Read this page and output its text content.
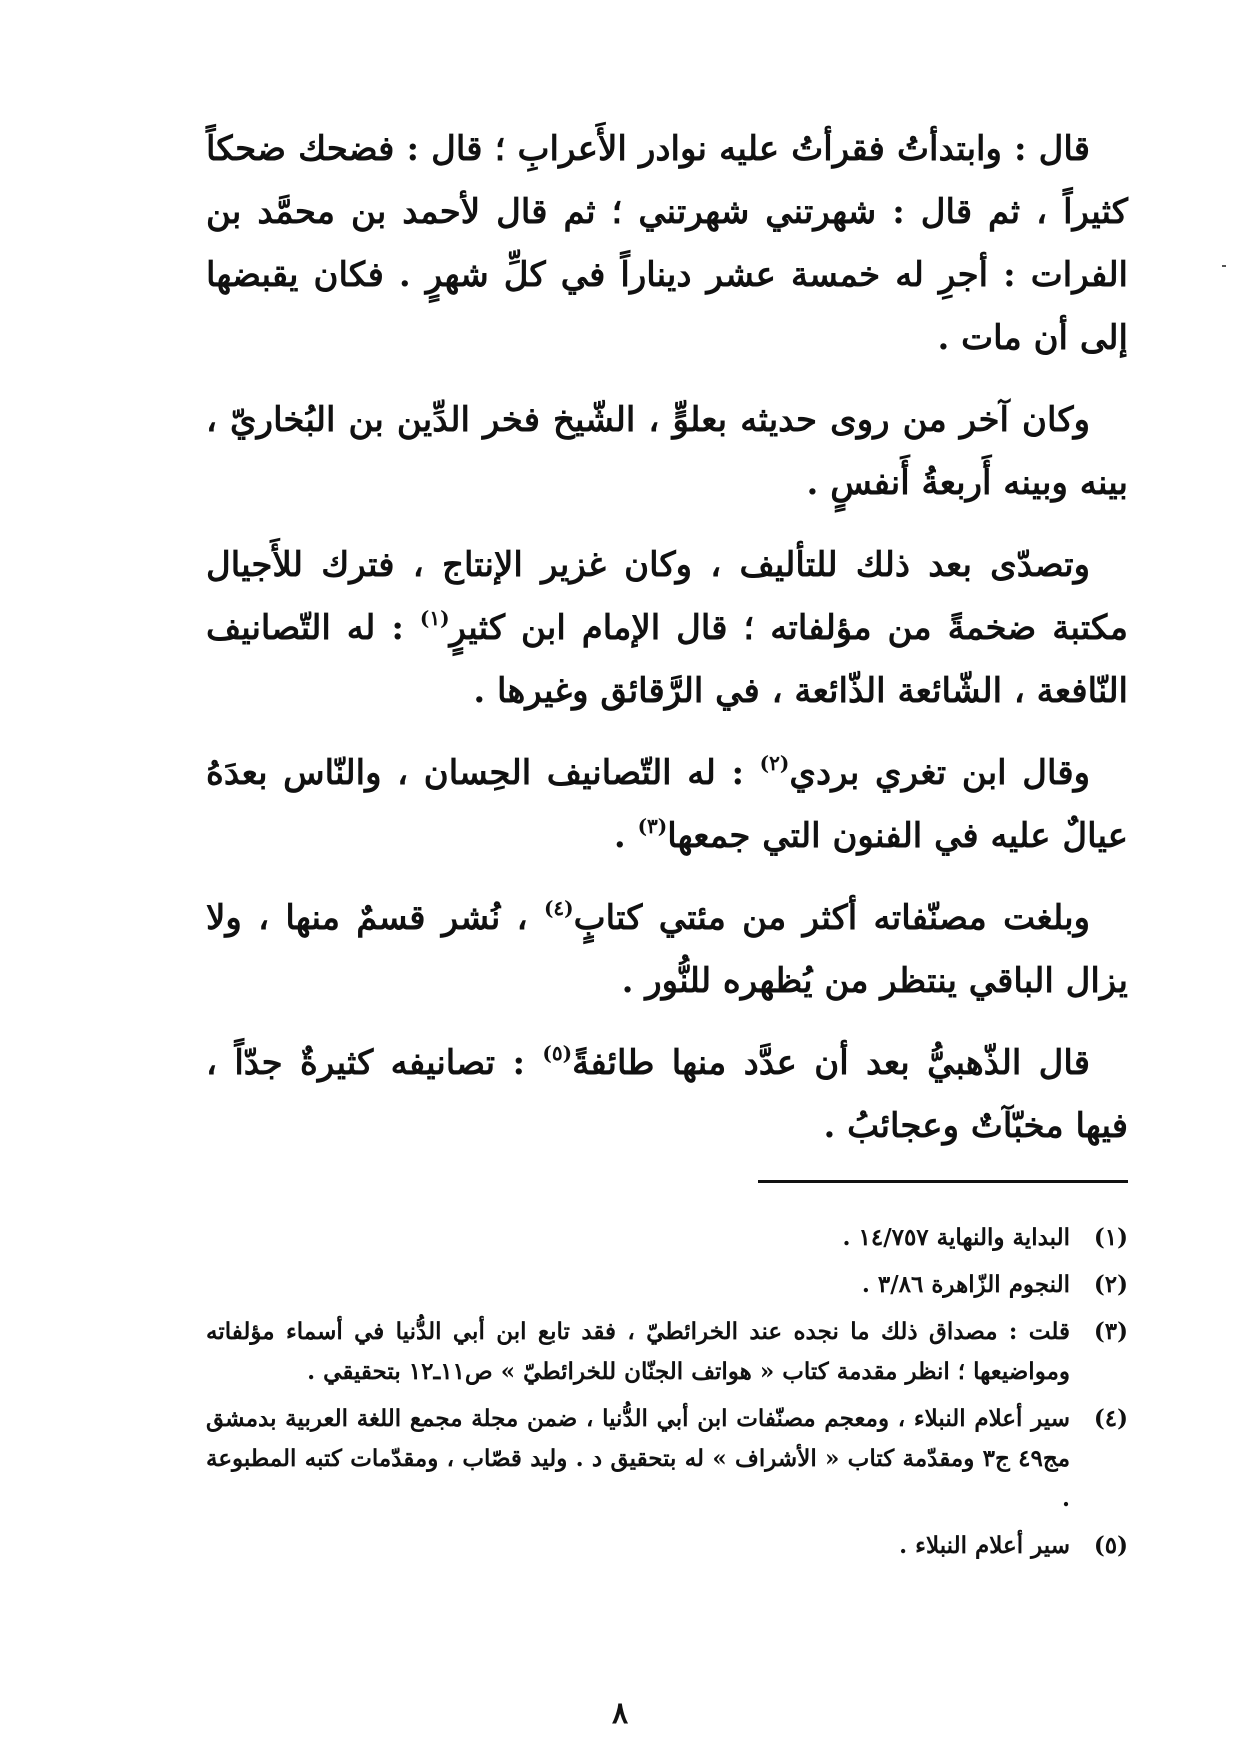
قال : وابتدأتُ فقرأتُ عليه نوادر الأَعرابِ ؛ قال : فضحك ضحكاً كثيراً ، ثم قال : شهرتني شهرتني ؛ ثم قال لأحمد بن محمَّد بن الفرات : أجرِ له خمسة عشر ديناراً في كلِّ شهرٍ . فكان يقبضها إلى أن مات .

وكان آخر من روى حديثه بعلوٍّ ، الشّيخ فخر الدِّين بن البُخاريّ ، بينه وبينه أَربعةُ أَنفسٍ .

وتصدّى بعد ذلك للتأليف ، وكان غزير الإنتاج ، فترك للأَجيال مكتبة ضخمةً من مؤلفاته ؛ قال الإمام ابن كثيرٍ$^{(١)}$ : له التّصانيف النّافعة ، الشّائعة الذّائعة ، في الرَّقائق وغيرها .

وقال ابن تغري بردي$^{(٢)}$ : له التّصانيف الحِسان ، والنّاس بعدَهُ عيالٌ عليه في الفنون التي جمعها$^{(٣)}$ .

وبلغت مصنّفاته أكثر من مئتي كتابٍ$^{(٤)}$ ، نُشر قسمٌ منها ، ولا يزال الباقي ينتظر من يُظهره للنُّور .

قال الذّهبيُّ بعد أن عدَّد منها طائفةً$^{(٥)}$ : تصانيفه كثيرةٌ جدّاً ، فيها مخبّآتٌ وعجائبُ .

(١)
البداية والنهاية ١٤/٧٥٧ .
(٢)
النجوم الزّاهرة ٣/٨٦ .
(٣)
قلت : مصداق ذلك ما نجده عند الخرائطيّ ، فقد تابع ابن أبي الدُّنيا في أسماء مؤلفاته ومواضيعها ؛ انظر مقدمة كتاب « هواتف الجنّان للخرائطيّ » ص١١ـ١٢ بتحقيقي .
(٤)
سير أعلام النبلاء ، ومعجم مصنّفات ابن أبي الدُّنيا ، ضمن مجلة مجمع اللغة العربية بدمشق مج٤٩ ج٣ ومقدّمة كتاب « الأشراف » له بتحقيق د . وليد قصّاب ، ومقدّمات كتبه المطبوعة .
(٥)
سير أعلام النبلاء .
٨
